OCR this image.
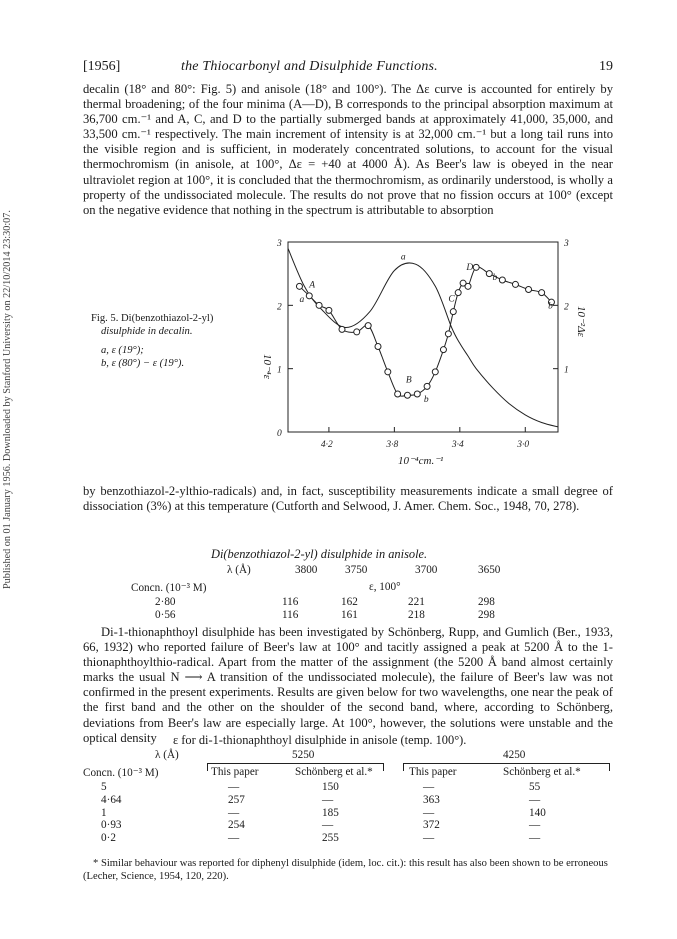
Published on 01 January 1956. Downloaded by Stanford University on 22/10/2014 23:30:07.
[1956]	the Thiocarbonyl and Disulphide Functions.	19

decalin (18° and 80°: Fig. 5) and anisole (18° and 100°). The Δε curve is accounted for entirely by thermal broadening; of the four minima (A—D), B corresponds to the principal absorption maximum at 36,700 cm.⁻¹ and A, C, and D to the partially submerged bands at approximately 41,000, 35,000, and 33,500 cm.⁻¹ respectively. The main increment of intensity is at 32,000 cm.⁻¹ but a long tail runs into the visible region and is sufficient, in moderately concentrated solutions, to account for the visual thermochromism (in anisole, at 100°, Δε = +40 at 4000 Å). As Beer's law is obeyed in the near ultraviolet region at 100°, it is concluded that the thermochromism, as ordinarily understood, is wholly a property of the undissociated molecule. The results do not prove that no fission occurs at 100° (except on the negative evidence that nothing in the spectrum is attributable to absorption

Fig. 5. Di(benzothiazol-2-yl)
disulphide in decalin.
a, ε (19°);
b, ε (80°) − ε (19°).
4·2	3·8	3·4	3·0
0
1
2
3
1
2
3
A
B
C
D
a
b
a
b
b
10⁻⁴cm.⁻¹
10⁻⁴ε
10⁻²Δε

by benzothiazol-2-ylthio-radicals) and, in fact, susceptibility measurements indicate a small degree of dissociation (3%) at this temperature (Cutforth and Selwood, J. Amer. Chem. Soc., 1948, 70, 278).

Di(benzothiazol-2-yl) disulphide in anisole.
λ (Å)	3800 3750	3700	3650
Concn. (10⁻³ M)	ε, 100°
2·80	116	162	221	298
0·56	116	161	218	298

Di-1-thionaphthoyl disulphide has been investigated by Schönberg, Rupp, and Gumlich (Ber., 1933, 66, 1932) who reported failure of Beer's law at 100° and tacitly assigned a peak at 5200 Å to the 1-thionaphthoylthio-radical. Apart from the matter of the assignment (the 5200 Å band almost certainly marks the usual N ⟶ A transition of the undissociated molecule), the failure of Beer's law was not confirmed in the present experiments. Results are given below for two wavelengths, one near the peak of the first band and the other on the shoulder of the second band, where, according to Schönberg, deviations from Beer's law are especially large. At 100°, however, the solutions were unstable and the optical density	ε for di-1-thionaphthoyl disulphide in anisole (temp. 100°).
λ (Å)	5250	4250
Concn. (10⁻³ M)	This paper	Schönberg et al.*	This paper	Schönberg et al.*
5	—	150	—	55
4·64	257	—	363	—
1	—	185	—	140
0·93	254	—	372	—
0·2	—	255	—	—

* Similar behaviour was reported for diphenyl disulphide (idem, loc. cit.): this result has also been shown to be erroneous (Lecher, Science, 1954, 120, 220).
